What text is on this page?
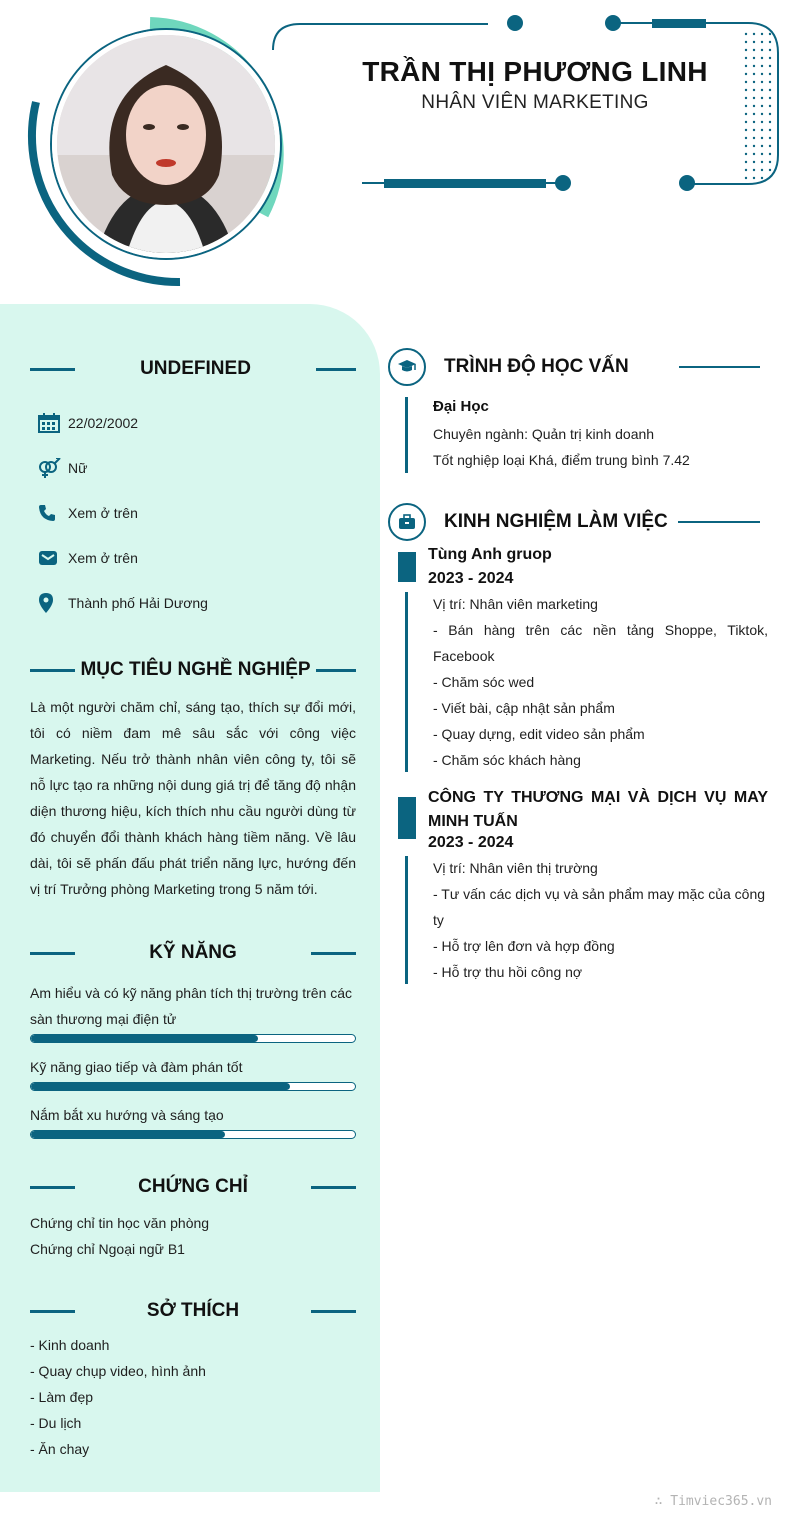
TRẦN THỊ PHƯƠNG LINH
NHÂN VIÊN MARKETING
UNDEFINED
22/02/2002
Nữ
Xem ở trên
Xem ở trên
Thành phố Hải Dương
MỤC TIÊU NGHỀ NGHIỆP
Là một người chăm chỉ, sáng tạo, thích sự đổi mới, tôi có niềm đam mê sâu sắc với công việc Marketing. Nếu trở thành nhân viên công ty, tôi sẽ nỗ lực tạo ra những nội dung giá trị để tăng độ nhận diện thương hiệu, kích thích nhu cầu người dùng từ đó chuyển đổi thành khách hàng tiềm năng. Về lâu dài, tôi sẽ phấn đấu phát triển năng lực, hướng đến vị trí Trưởng phòng Marketing trong 5 năm tới.
KỸ NĂNG
Am hiểu và có kỹ năng phân tích thị trường trên các sàn thương mại điện tử
Kỹ năng giao tiếp và đàm phán tốt
Nắm bắt xu hướng và sáng tạo
CHỨNG CHỈ
Chứng chỉ tin học văn phòng
Chứng chỉ Ngoại ngữ B1
SỞ THÍCH
- Kinh doanh
- Quay chụp video, hình ảnh
- Làm đẹp
- Du lịch
- Ăn chay
TRÌNH ĐỘ HỌC VẤN
Đại Học
Chuyên ngành: Quản trị kinh doanh
Tốt nghiệp loại Khá, điểm trung bình 7.42
KINH NGHIỆM LÀM VIỆC
Tùng Anh gruop
2023 - 2024
Vị trí: Nhân viên marketing
- Bán hàng trên các nền tảng Shoppe, Tiktok, Facebook
- Chăm sóc wed
- Viết bài, cập nhật sản phẩm
- Quay dựng, edit video sản phẩm
- Chăm sóc khách hàng
CÔNG TY THƯƠNG MẠI VÀ DỊCH VỤ MAY MINH TUẤN
2023 - 2024
Vị trí: Nhân viên thị trường
- Tư vấn các dịch vụ và sản phẩm may mặc của công ty
- Hỗ trợ lên đơn và hợp đồng
- Hỗ trợ thu hồi công nợ
∴ Timviec365.vn
